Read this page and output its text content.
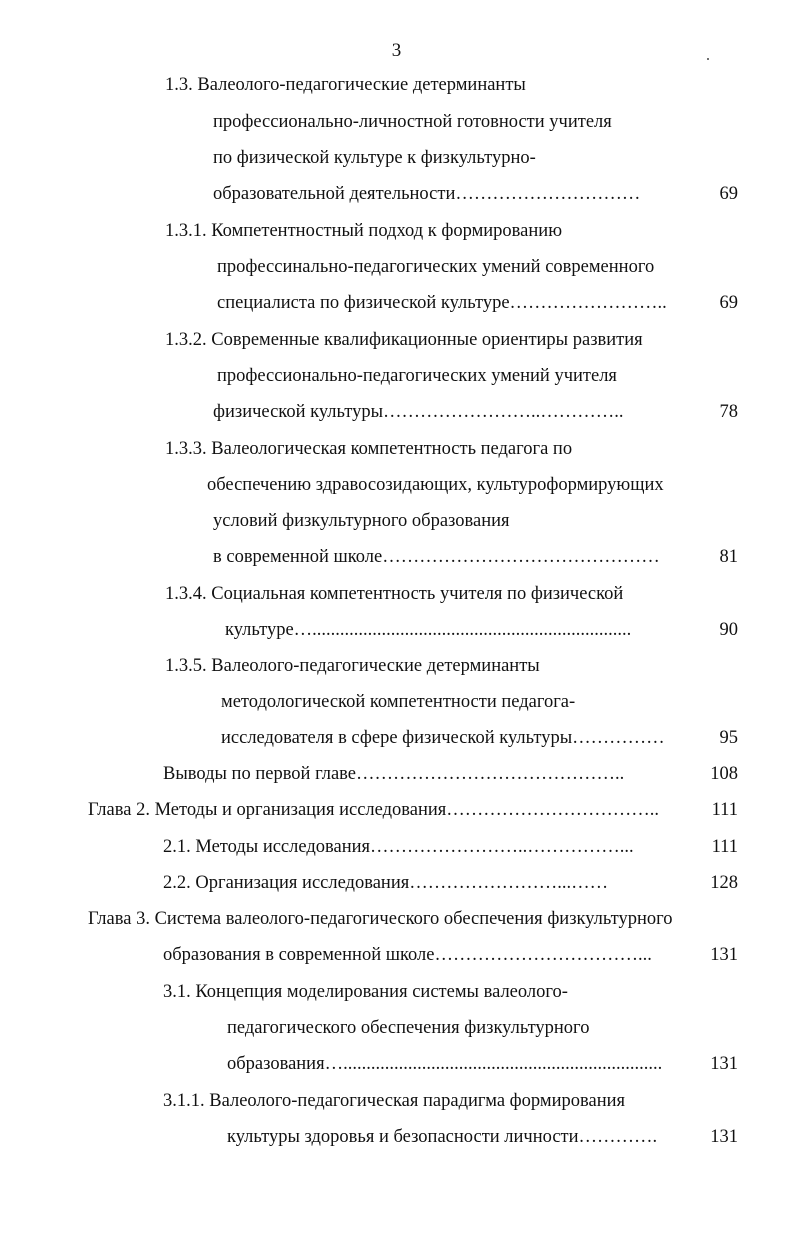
3
1.3. Валеолого-педагогические детерминанты
профессионально-личностной готовности учителя
по физической культуре к физкультурно-
образовательной деятельности…………………………	69
1.3.1. Компетентностный подход к формированию
профессинально-педагогических умений современного
специалиста по физической культуре……………………..	69
1.3.2. Современные квалификационные ориентиры развития
профессионально-педагогических умений учителя
физической культуры……………………..…………..	78
1.3.3. Валеологическая компетентность педагога по
обеспечению здравосозидающих, культуроформирующих
условий физкультурного образования
в современной школе………………………………………	81
1.3.4. Социальная компетентность учителя по физической
культуре….....................................................................	90
1.3.5. Валеолого-педагогические детерминанты
методологической компетентности педагога-
исследователя в сфере физической культуры……………	95
Выводы по первой главе……………………………………..	108
Глава 2. Методы и организация исследования……………………………..	111
2.1. Методы исследования……………………..……………...	111
2.2. Организация исследования……………………...……	128
Глава 3. Система валеолого-педагогического обеспечения физкультурного
образования в современной школе……………………………...	131
3.1. Концепция моделирования системы валеолого-
педагогического обеспечения физкультурного
образования….....................................................................	131
3.1.1. Валеолого-педагогическая парадигма формирования
культуры здоровья и безопасности личности………….	131
